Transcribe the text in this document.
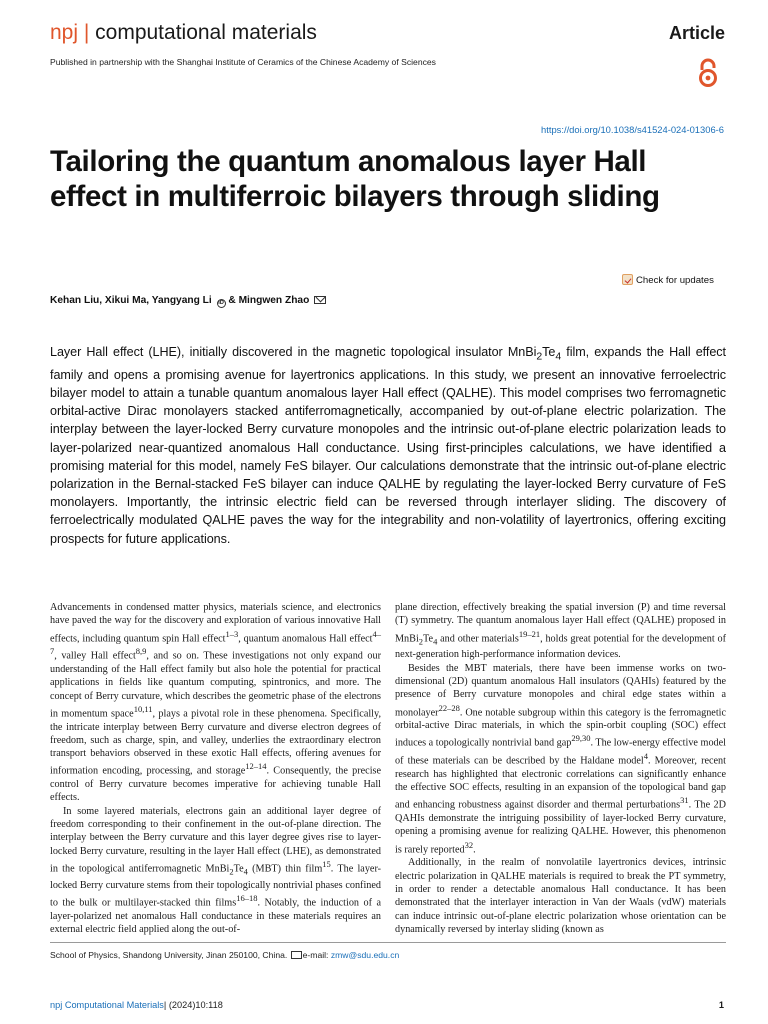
npj | computational materials	Article
Published in partnership with the Shanghai Institute of Ceramics of the Chinese Academy of Sciences
https://doi.org/10.1038/s41524-024-01306-6
Tailoring the quantum anomalous layer Hall effect in multiferroic bilayers through sliding
Check for updates
Kehan Liu, Xikui Ma, Yangyang Li iD & Mingwen Zhao
Layer Hall effect (LHE), initially discovered in the magnetic topological insulator $MnBi_2Te_4$ film, expands the Hall effect family and opens a promising avenue for layertronics applications. In this study, we present an innovative ferroelectric bilayer model to attain a tunable quantum anomalous layer Hall effect (QALHE). This model comprises two ferromagnetic orbital-active Dirac monolayers stacked antiferromagnetically, accompanied by out-of-plane electric polarization. The interplay between the layer-locked Berry curvature monopoles and the intrinsic out-of-plane electric polarization leads to layer-polarized near-quantized anomalous Hall conductance. Using first-principles calculations, we have identified a promising material for this model, namely FeS bilayer. Our calculations demonstrate that the intrinsic out-of-plane electric polarization in the Bernal-stacked FeS bilayer can induce QALHE by regulating the layer-locked Berry curvature of FeS monolayers. Importantly, the intrinsic electric field can be reversed through interlayer sliding. The discovery of ferroelectrically modulated QALHE paves the way for the integrability and non-volatility of layertronics, offering exciting prospects for future applications.

Advancements in condensed matter physics, materials science, and electronics have paved the way for the discovery and exploration of various innovative Hall effects, including quantum spin Hall effect$^{1-3}$, quantum anomalous Hall effect$^{4-7}$, valley Hall effect$^{8,9}$, and so on. These investigations not only expand our understanding of the Hall effect family but also hole the potential for practical applications in fields like quantum computing, spintronics, and more. The concept of Berry curvature, which describes the geometric phase of the electrons in momentum space$^{10,11}$, plays a pivotal role in these phenomena. Specifically, the intricate interplay between Berry curvature and diverse electron degrees of freedom, such as charge, spin, and valley, underlies the extraordinary electron transport behaviors observed in these exotic Hall effects, offering avenues for information encoding, processing, and storage$^{12-14}$. Consequently, the precise control of Berry curvature becomes imperative for achieving tunable Hall effects.

In some layered materials, electrons gain an additional layer degree of freedom corresponding to their confinement in the out-of-plane direction. The interplay between the Berry curvature and this layer degree gives rise to layer-locked Berry curvature, resulting in the layer Hall effect (LHE), as demonstrated in the topological antiferromagnetic $MnBi_2Te_4$ (MBT) thin film$^{15}$. The layer-locked Berry curvature stems from their topologically nontrivial phases confined to the bulk or multilayer-stacked thin films$^{16-18}$. Notably, the induction of a layer-polarized net anomalous Hall conductance in these materials requires an external electric field applied along the out-of-

plane direction, effectively breaking the spatial inversion (P) and time reversal (T) symmetry. The quantum anomalous layer Hall effect (QALHE) proposed in $MnBi_2Te_4$ and other materials$^{19-21}$, holds great potential for the development of next-generation high-performance information devices.

Besides the MBT materials, there have been immense works on two-dimensional (2D) quantum anomalous Hall insulators (QAHIs) featured by the presence of Berry curvature monopoles and chiral edge states within a monolayer$^{22-28}$. One notable subgroup within this category is the ferromagnetic orbital-active Dirac materials, in which the spin-orbit coupling (SOC) effect induces a topologically nontrivial band gap$^{29,30}$. The low-energy effective model of these materials can be described by the Haldane model$^4$. Moreover, recent research has highlighted that electronic correlations can significantly enhance the effective SOC effects, resulting in an expansion of the topological band gap and enhancing robustness against disorder and thermal perturbations$^{31}$. The 2D QAHIs demonstrate the intriguing possibility of layer-locked Berry curvature, opening a promising avenue for realizing QALHE. However, this phenomenon is rarely reported$^{32}$.

Additionally, in the realm of nonvolatile layertronics devices, intrinsic electric polarization in QALHE materials is required to break the PT symmetry, in order to render a detectable anomalous Hall conductance. It has been demonstrated that the interlayer interaction in Van der Waals (vdW) materials can induce intrinsic out-of-plane electric polarization whose orientation can be dynamically reversed by interlay sliding (known as

School of Physics, Shandong University, Jinan 250100, China. e-mail: zmw@sdu.edu.cn
npj Computational Materials| (2024)10:118	1
